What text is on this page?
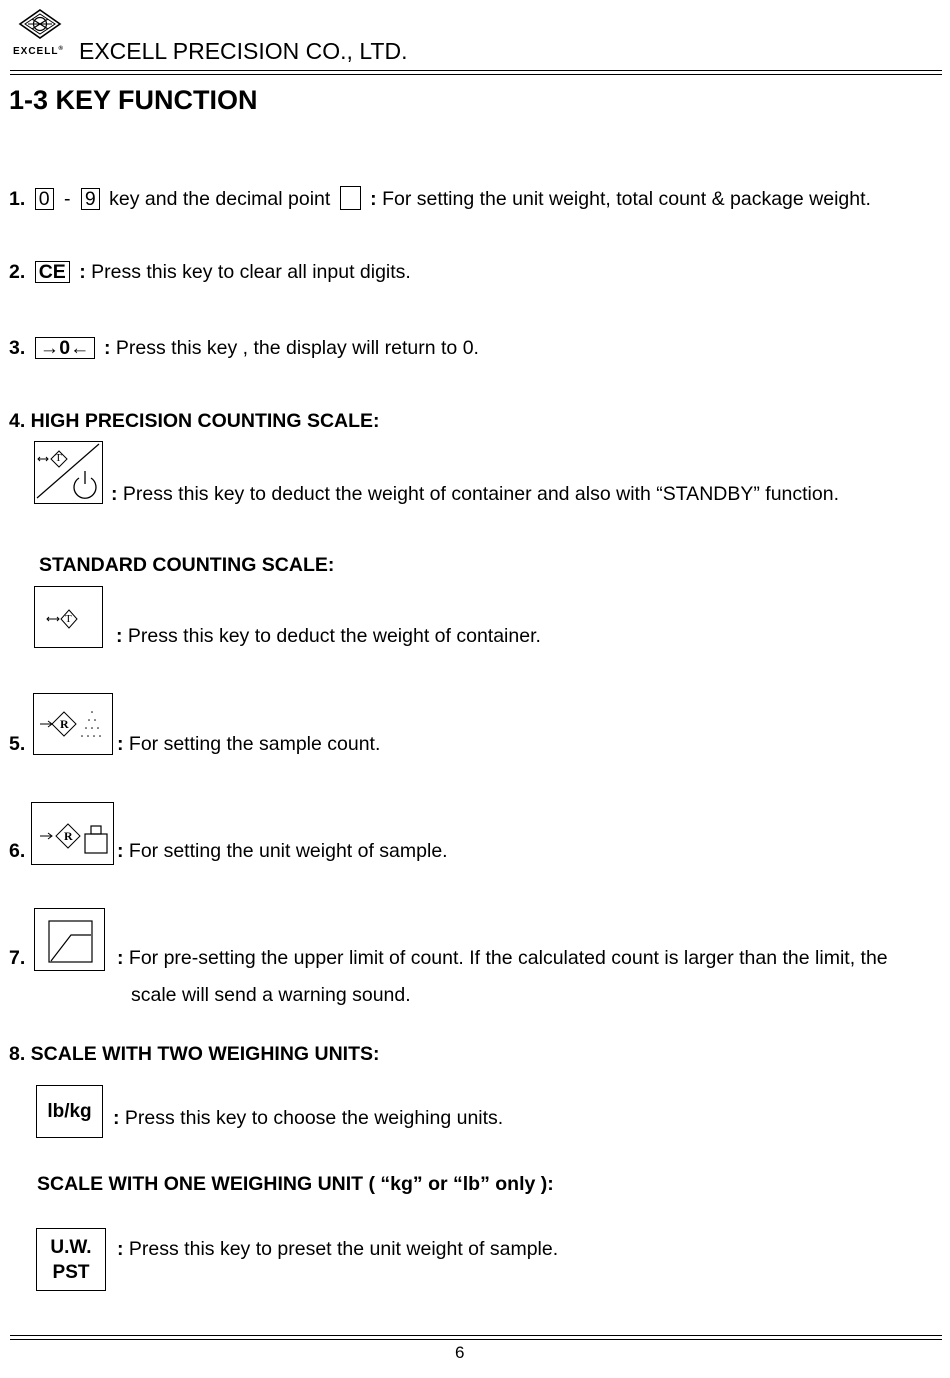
EXCELL® EXCELL PRECISION CO., LTD.
1-3 KEY FUNCTION
1. 0 - 9 key and the decimal point : For setting the unit weight, total count & package weight.
2. CE : Press this key to clear all input digits.
3. →0← : Press this key , the display will return to 0.
4. HIGH PRECISION COUNTING SCALE:
T
: Press this key to deduct the weight of container and also with “STANDBY” function.
STANDARD COUNTING SCALE:
T
: Press this key to deduct the weight of container.
5.
R
: For setting the sample count.
6.
R
: For setting the unit weight of sample.
7.	: For pre-setting the upper limit of count. If the calculated count is larger than the limit, the
scale will send a warning sound.
8. SCALE WITH TWO WEIGHING UNITS:
lb/kg : Press this key to choose the weighing units.
SCALE WITH ONE WEIGHING UNIT ( “kg” or “lb” only ):
U.W.
PST
: Press this key to preset the unit weight of sample.
6
